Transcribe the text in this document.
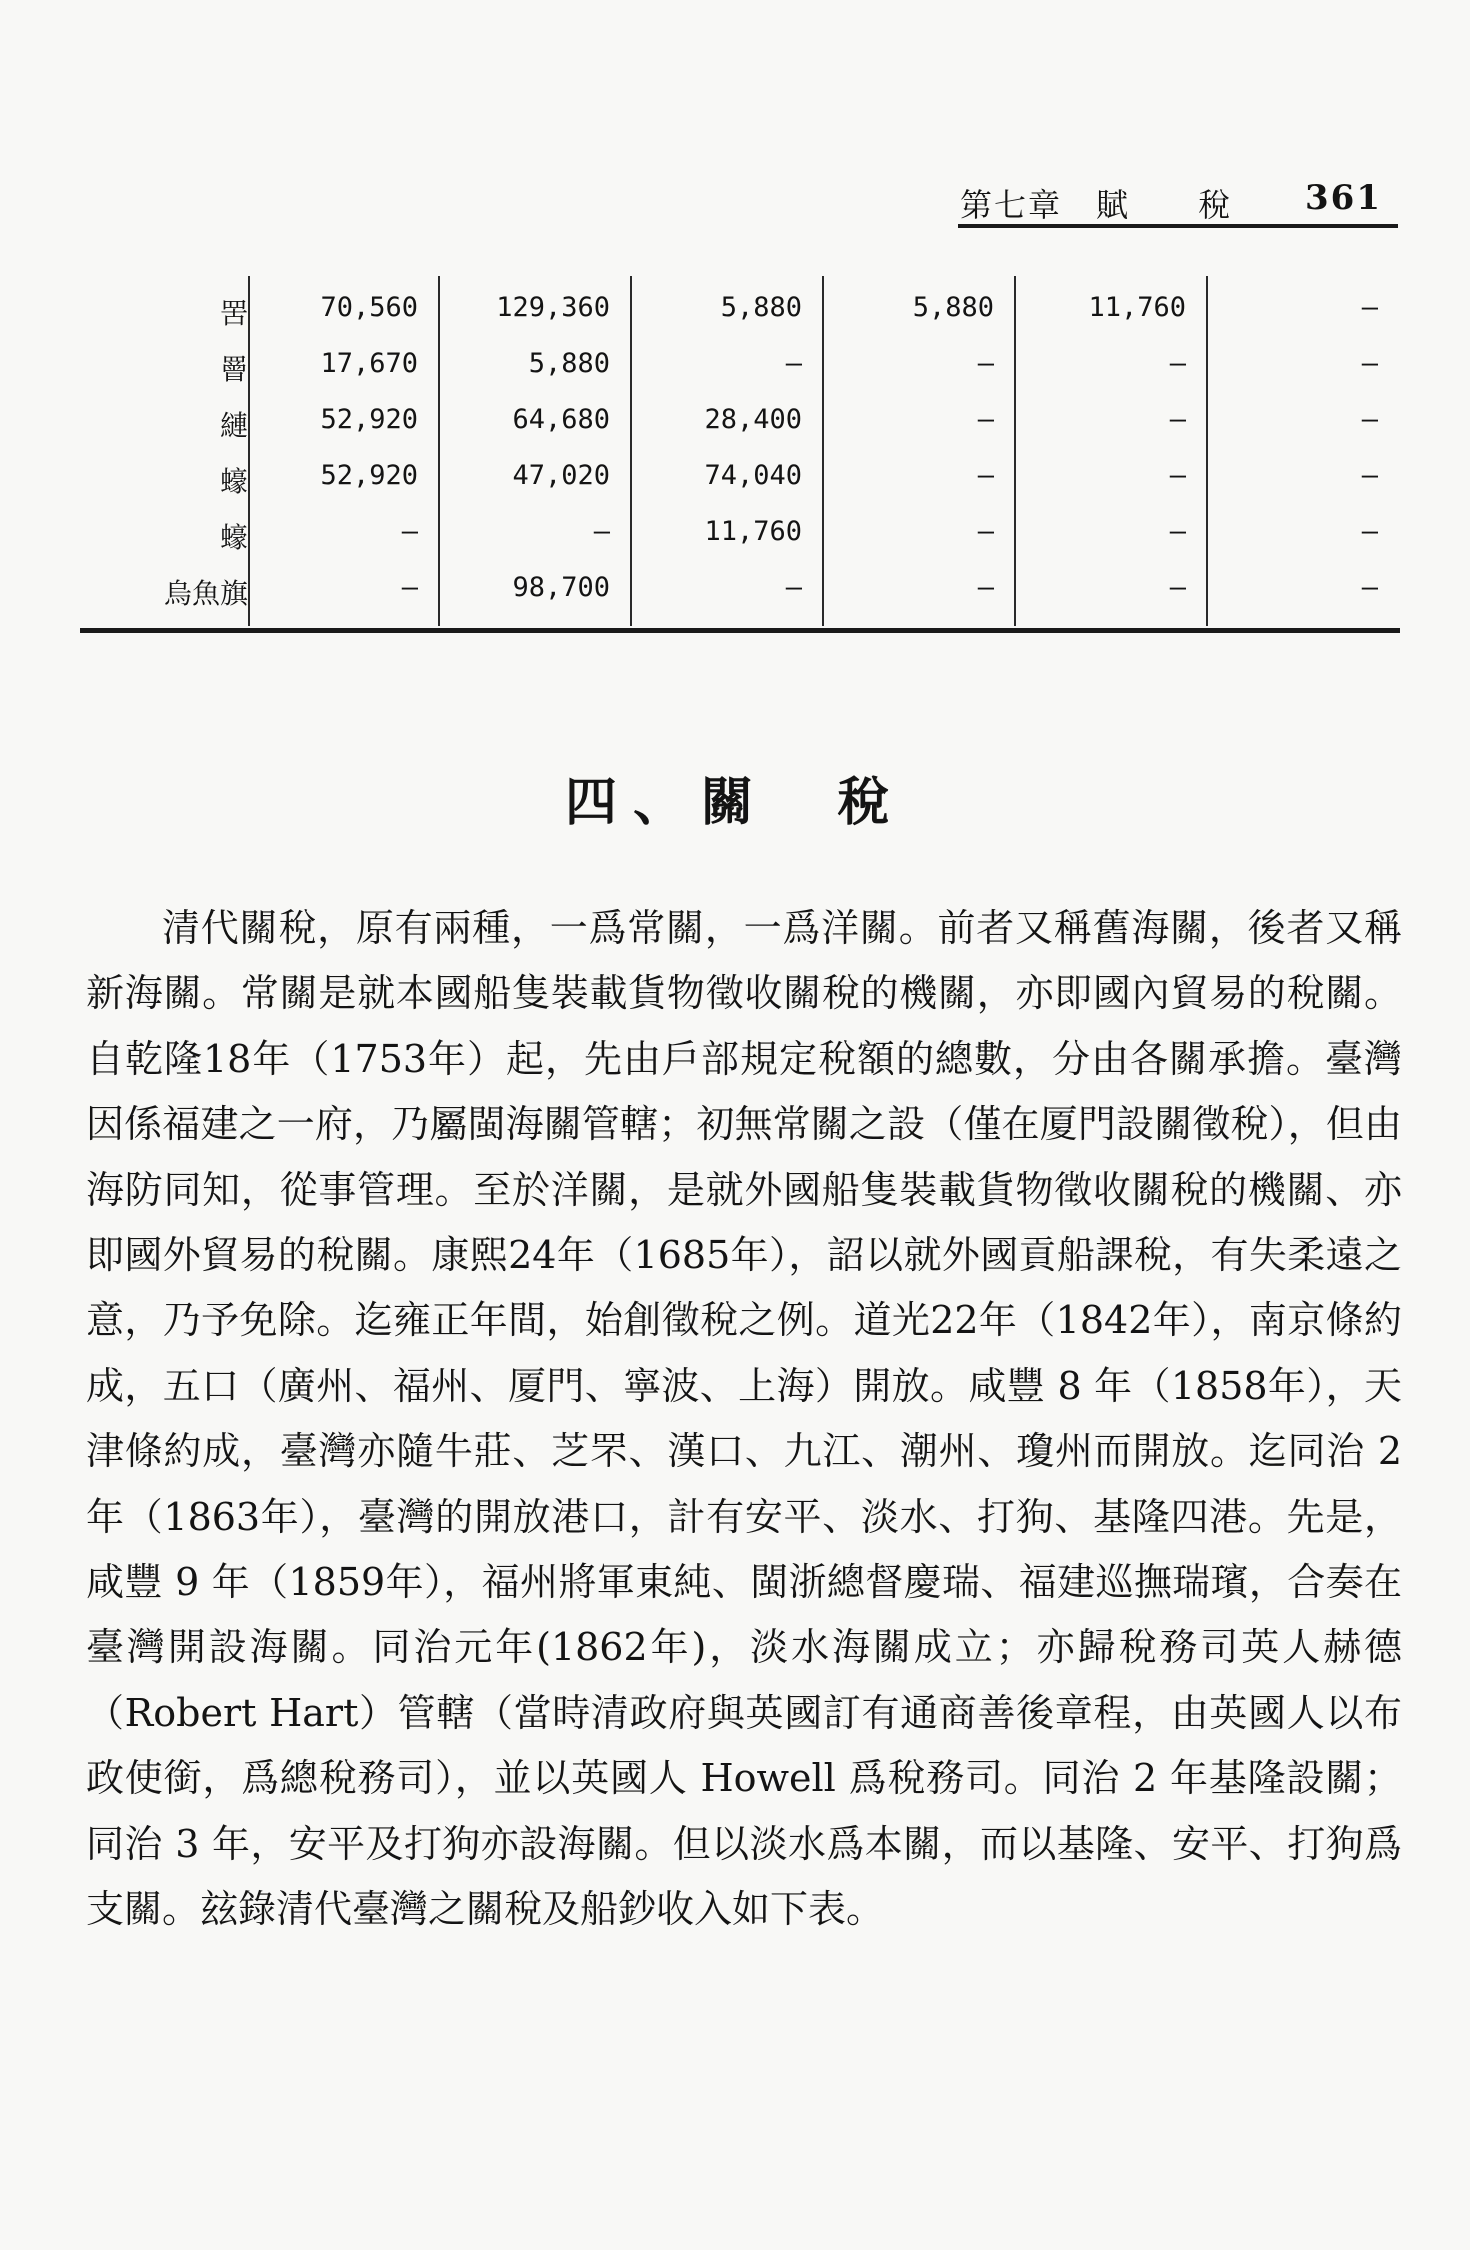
第七章　賦　　稅 361
罟	70,560	129,360	5,880	5,880	11,760	—
罾	17,670	5,880	—	—	—	—
縺	52,920	64,680	28,400	—	—	—
蠔	52,920	47,020	74,040	—	—	—
蠔	—	—	11,760	—	—	—
烏魚旗	—	98,700	—	—	—	—
四、關　稅

清代關稅，原有兩種，一爲常關，一爲洋關。前者又稱舊海關，後者又稱新海關。常關是就本國船隻裝載貨物徵收關稅的機關，亦即國內貿易的稅關。自乾隆18年（1753年）起，先由戶部規定稅額的總數，分由各關承擔。臺灣因係福建之一府，乃屬閩海關管轄；初無常關之設（僅在厦門設關徵稅），但由海防同知，從事管理。至於洋關，是就外國船隻裝載貨物徵收關稅的機關、亦即國外貿易的稅關。康熙24年（1685年），詔以就外國貢船課稅，有失柔遠之意，乃予免除。迄雍正年間，始創徵稅之例。道光22年（1842年），南京條約成，五口（廣州、福州、厦門、寧波、上海）開放。咸豐 8 年（1858年），天津條約成，臺灣亦隨牛莊、芝罘、漢口、九江、潮州、瓊州而開放。迄同治 2 年（1863年），臺灣的開放港口，計有安平、淡水、打狗、基隆四港。先是，咸豐 9 年（1859年），福州將軍東純、閩浙總督慶瑞、福建巡撫瑞璸，合奏在臺灣開設海關。同治元年(1862年)，淡水海關成立；亦歸稅務司英人赫德（Robert Hart）管轄（當時清政府與英國訂有通商善後章程，由英國人以布政使銜，爲總稅務司），並以英國人 Howell 爲稅務司。同治 2 年基隆設關；同治 3 年，安平及打狗亦設海關。但以淡水爲本關，而以基隆、安平、打狗爲支關。玆錄清代臺灣之關稅及船鈔收入如下表。
